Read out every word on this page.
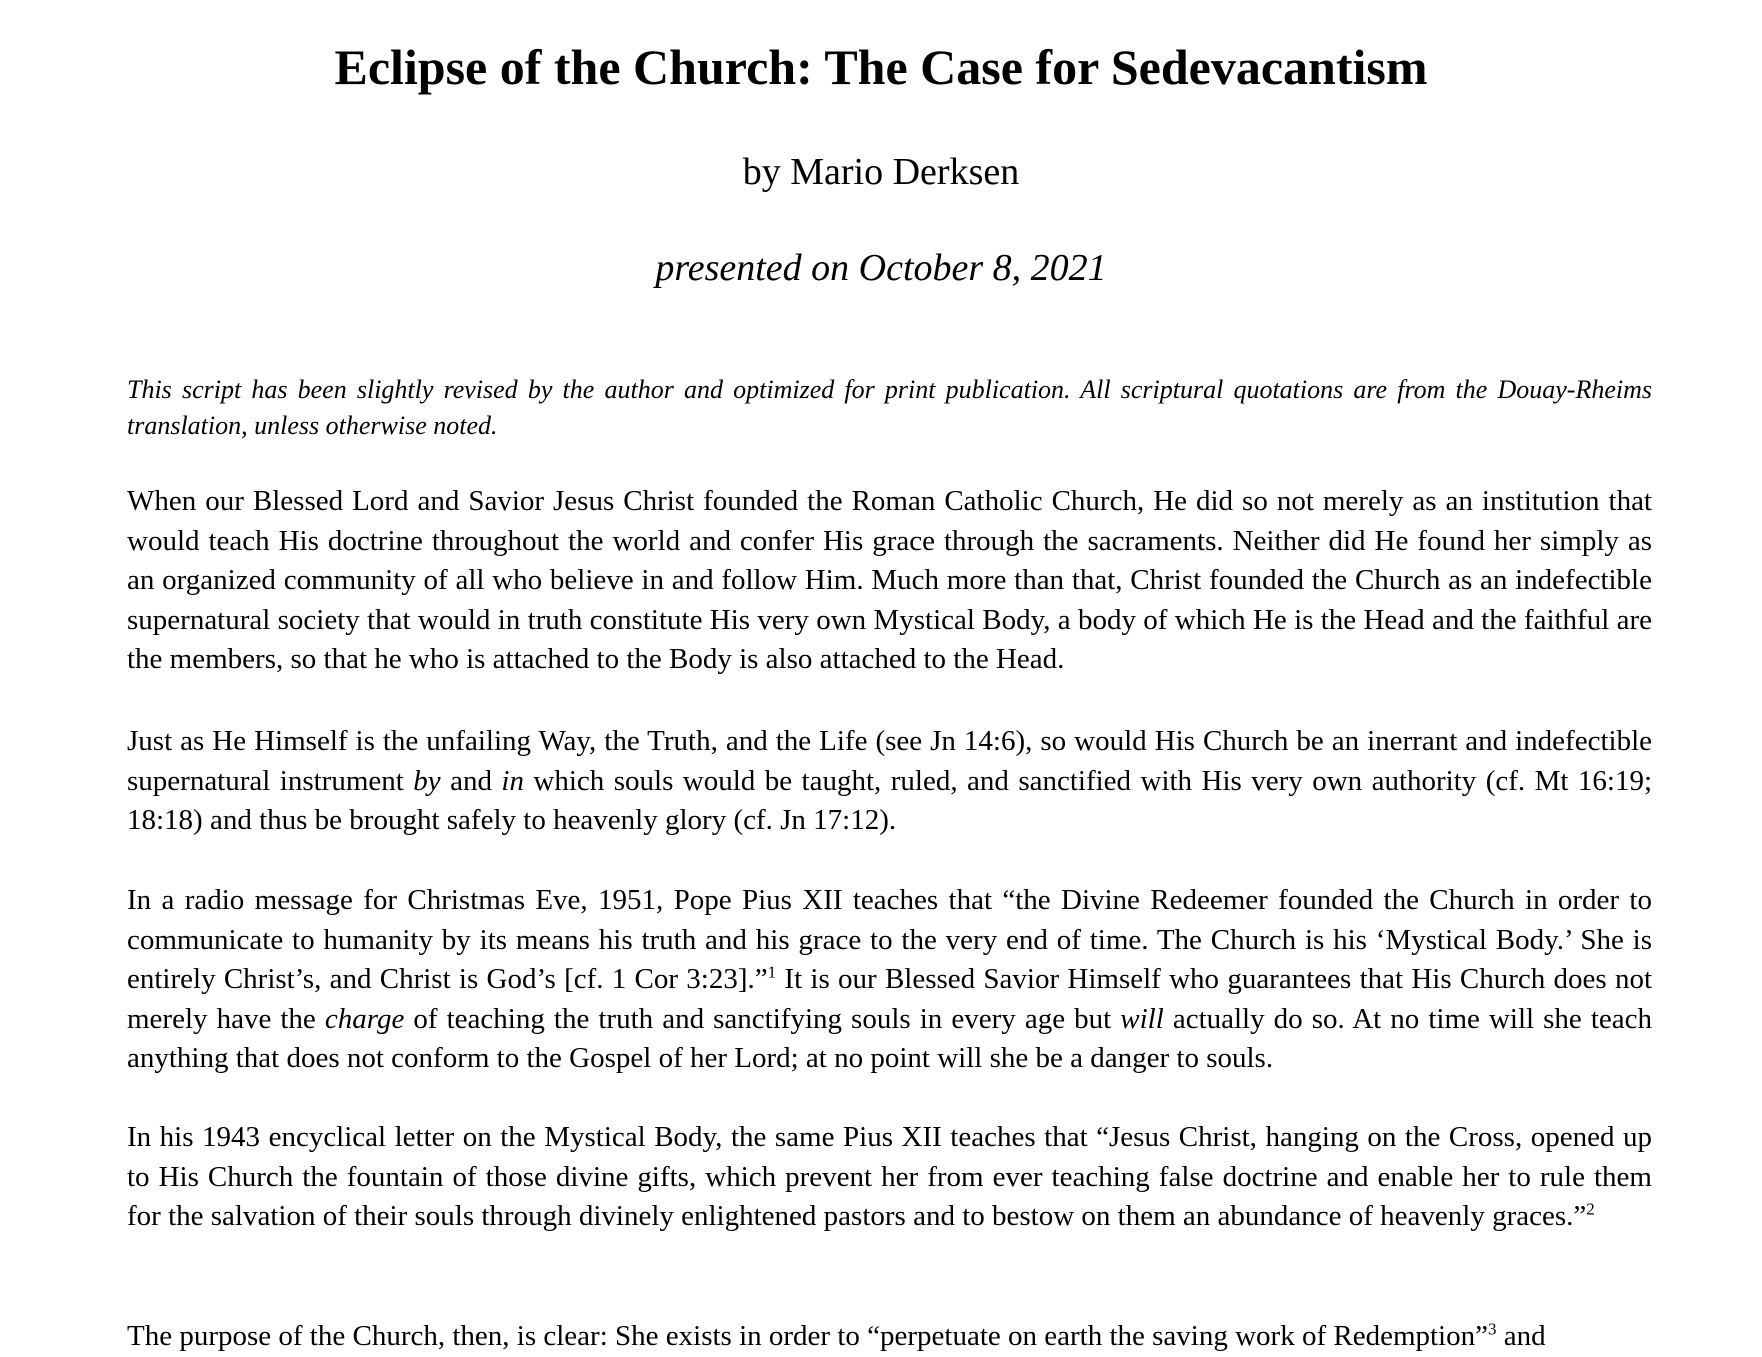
Eclipse of the Church: The Case for Sedevacantism

by Mario Derksen

presented on October 8, 2021

This script has been slightly revised by the author and optimized for print publication. All scriptural quotations are from the Douay-Rheims translation, unless otherwise noted.

When our Blessed Lord and Savior Jesus Christ founded the Roman Catholic Church, He did so not merely as an institution that would teach His doctrine throughout the world and confer His grace through the sacraments. Neither did He found her simply as an organized community of all who believe in and follow Him. Much more than that, Christ founded the Church as an indefectible supernatural society that would in truth constitute His very own Mystical Body, a body of which He is the Head and the faithful are the members, so that he who is attached to the Body is also attached to the Head.

Just as He Himself is the unfailing Way, the Truth, and the Life (see Jn 14:6), so would His Church be an inerrant and indefectible supernatural instrument by and in which souls would be taught, ruled, and sanctified with His very own authority (cf. Mt 16:19; 18:18) and thus be brought safely to heavenly glory (cf. Jn 17:12).

In a radio message for Christmas Eve, 1951, Pope Pius XII teaches that “the Divine Redeemer founded the Church in order to communicate to humanity by its means his truth and his grace to the very end of time. The Church is his ‘Mystical Body.’ She is entirely Christ’s, and Christ is God’s [cf. 1 Cor 3:23].”$^1$ It is our Blessed Savior Himself who guarantees that His Church does not merely have the charge of teaching the truth and sanctifying souls in every age but will actually do so. At no time will she teach anything that does not conform to the Gospel of her Lord; at no point will she be a danger to souls.

In his 1943 encyclical letter on the Mystical Body, the same Pius XII teaches that “Jesus Christ, hanging on the Cross, opened up to His Church the fountain of those divine gifts, which prevent her from ever teaching false doctrine and enable her to rule them for the salvation of their souls through divinely enlightened pastors and to bestow on them an abundance of heavenly graces.”$^2$

The purpose of the Church, then, is clear: She exists in order to “perpetuate on earth the saving work of Redemption”$^3$ and
